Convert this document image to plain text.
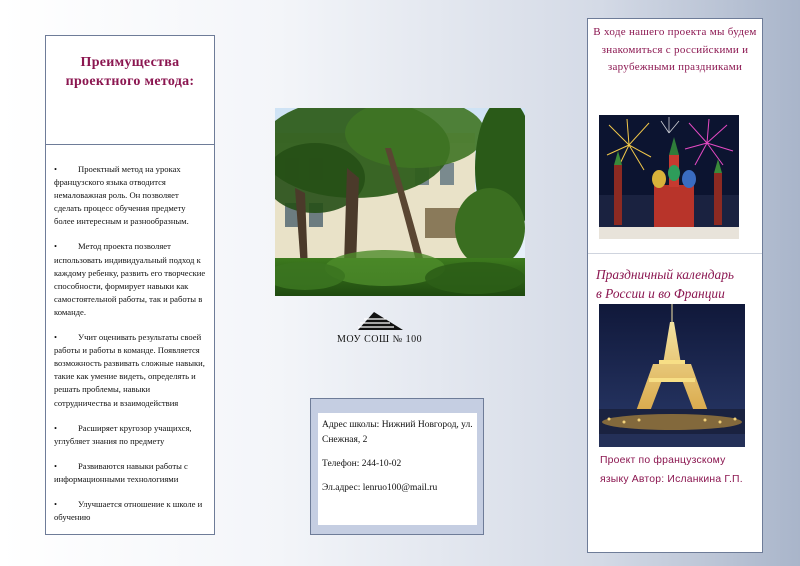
Преимущества
проектного метода:
• Проектный метод на уроках французского языка отводится немаловажная роль. Он позволяет сделать процесс обучения предмету более интересным и разнообразным.
• Метод проекта позволяет использовать индивидуальный подход к каждому ребенку, развить его творческие способности, формирует навыки как самостоятельной работы, так и работы в команде.
• Учит оценивать результаты своей работы и работы в команде. Появляется возможность развивать сложные навыки, такие как умение видеть, определять и решать проблемы, навыки сотрудничества и взаимодействия
• Расширяет кругозор учащихся, углубляет знания по предмету
• Развиваются навыки работы с информационными технологиями
• Улучшается отношение к школе и обучению
МОУ СОШ № 100

Адрес школы: Нижний Новгород, ул. Снежная, 2

Телефон: 244-10-02

Эл.адрес: lenruo100@mail.ru

В ходе нашего проекта мы будем знакомиться с российскими и зарубежными праздниками
Праздничный календарь
в России и во Франции
Проект по французскому языку Автор: Исланкина Г.П.
